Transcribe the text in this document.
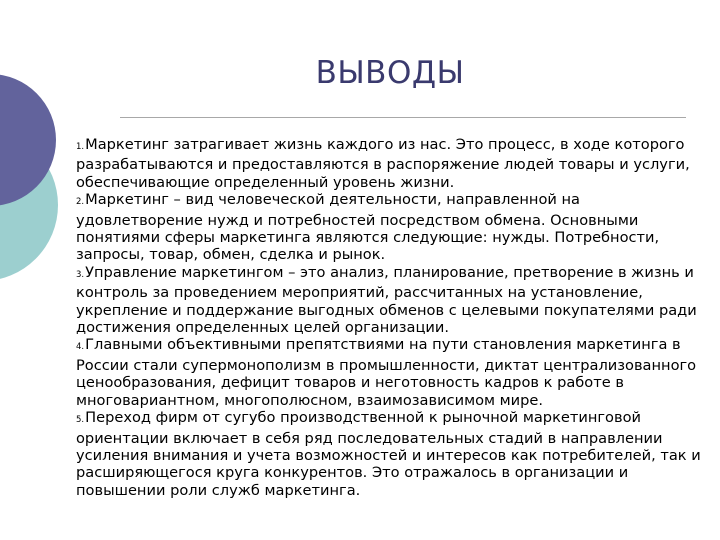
ВЫВОДЫ

1.Маркетинг затрагивает жизнь каждого из нас. Это процесс, в ходе которого разрабатываются и предоставляются в распоряжение людей товары и услуги, обеспечивающие определенный уровень жизни.

2.Маркетинг – вид человеческой деятельности, направленной на удовлетворение нужд и потребностей посредством обмена. Основными понятиями сферы маркетинга являются следующие: нужды. Потребности, запросы, товар, обмен, сделка и рынок.

3.Управление маркетингом – это анализ, планирование, претворение в жизнь и контроль за проведением мероприятий, рассчитанных на установление, укрепление и поддержание выгодных обменов с целевыми покупателями ради достижения определенных целей организации.

4.Главными объективными препятствиями на пути становления маркетинга в России стали супермонополизм в промышленности, диктат централизованного ценообразования, дефицит товаров и неготовность кадров к работе в многовариантном, многополюсном, взаимозависимом мире.

5.Переход фирм от сугубо производственной к рыночной маркетинговой ориентации включает в себя ряд последовательных стадий в направлении усиления внимания и учета возможностей и интересов как потребителей, так и расширяющегося круга конкурентов. Это отражалось в организации и повышении роли служб маркетинга.
